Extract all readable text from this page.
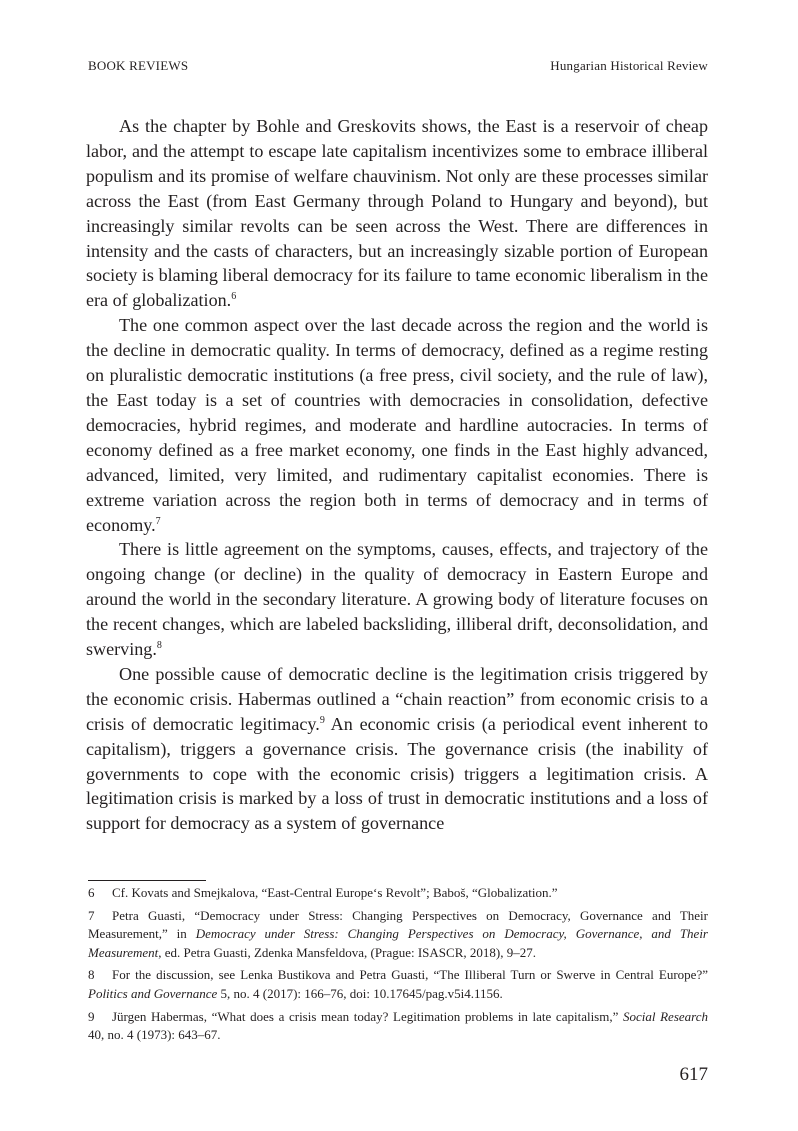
BOOK REVIEWS	Hungarian Historical Review

As the chapter by Bohle and Greskovits shows, the East is a reservoir of cheap labor, and the attempt to escape late capitalism incentivizes some to embrace illiberal populism and its promise of welfare chauvinism. Not only are these processes similar across the East (from East Germany through Poland to Hungary and beyond), but increasingly similar revolts can be seen across the West. There are differences in intensity and the casts of characters, but an increasingly sizable portion of European society is blaming liberal democracy for its failure to tame economic liberalism in the era of globalization.$^6$

The one common aspect over the last decade across the region and the world is the decline in democratic quality. In terms of democracy, defined as a regime resting on pluralistic democratic institutions (a free press, civil society, and the rule of law), the East today is a set of countries with democracies in consolidation, defective democracies, hybrid regimes, and moderate and hardline autocracies. In terms of economy defined as a free market economy, one finds in the East highly advanced, advanced, limited, very limited, and rudimentary capitalist economies. There is extreme variation across the region both in terms of democracy and in terms of economy.$^7$

There is little agreement on the symptoms, causes, effects, and trajectory of the ongoing change (or decline) in the quality of democracy in Eastern Europe and around the world in the secondary literature. A growing body of literature focuses on the recent changes, which are labeled backsliding, illiberal drift, deconsolidation, and swerving.$^8$

One possible cause of democratic decline is the legitimation crisis triggered by the economic crisis. Habermas outlined a “chain reaction” from economic crisis to a crisis of democratic legitimacy.$^9$ An economic crisis (a periodical event inherent to capitalism), triggers a governance crisis. The governance crisis (the inability of governments to cope with the economic crisis) triggers a legitimation crisis. A legitimation crisis is marked by a loss of trust in democratic institutions and a loss of support for democracy as a system of governance

6 Cf. Kovats and Smejkalova, “East-Central Europe‘s Revolt”; Baboš, “Globalization.”

7 Petra Guasti, “Democracy under Stress: Changing Perspectives on Democracy, Governance and Their Measurement,” in Democracy under Stress: Changing Perspectives on Democracy, Governance, and Their Measurement, ed. Petra Guasti, Zdenka Mansfeldova, (Prague: ISASCR, 2018), 9–27.

8 For the discussion, see Lenka Bustikova and Petra Guasti, “The Illiberal Turn or Swerve in Central Europe?” Politics and Governance 5, no. 4 (2017): 166–76, doi: 10.17645/pag.v5i4.1156.

9 Jürgen Habermas, “What does a crisis mean today? Legitimation problems in late capitalism,” Social Research 40, no. 4 (1973): 643–67.

617
